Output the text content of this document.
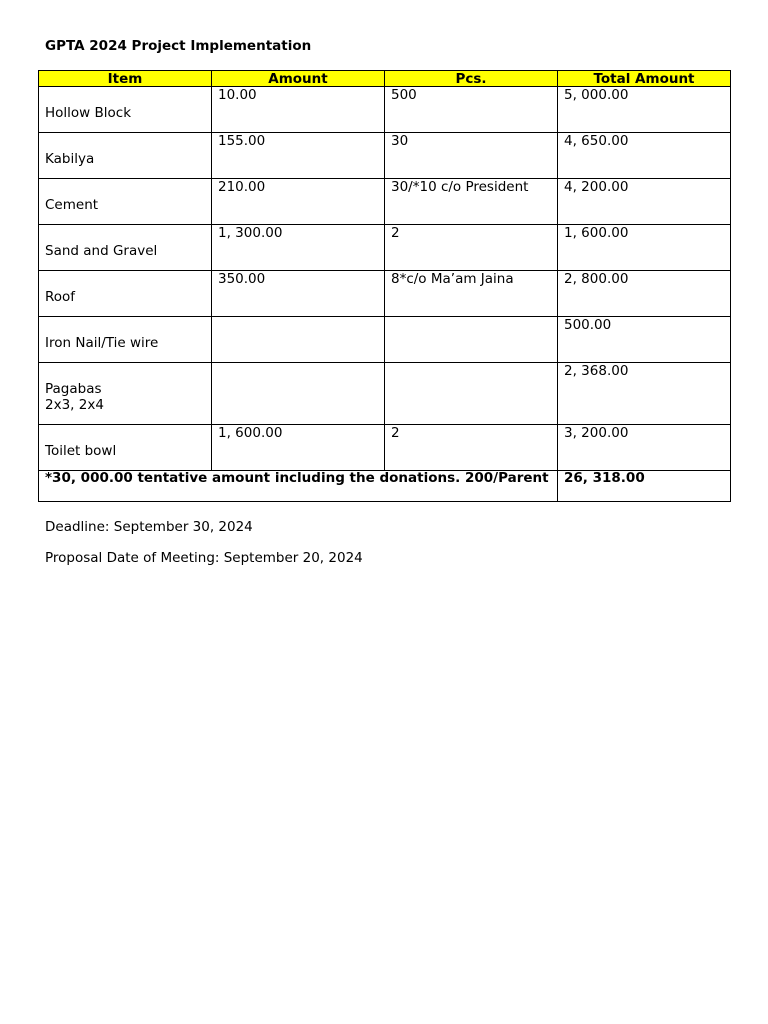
GPTA 2024 Project Implementation
Item	Amount	Pcs.	Total Amount

Hollow Block	10.00	500	5, 000.00

Kabilya	155.00	30	4, 650.00

Cement	210.00	30/*10 c/o President	4, 200.00

Sand and Gravel	1, 300.00	2	1, 600.00

Roof	350.00	8*c/o Ma’am Jaina	2, 800.00

Iron Nail/Tie wire			500.00

Pagabas
2x3, 2x4			2, 368.00

Toilet bowl	1, 600.00	2	3, 200.00

*30, 000.00 tentative amount including the donations. 200/Parent			26, 318.00
Deadline: September 30, 2024
Proposal Date of Meeting: September 20, 2024
